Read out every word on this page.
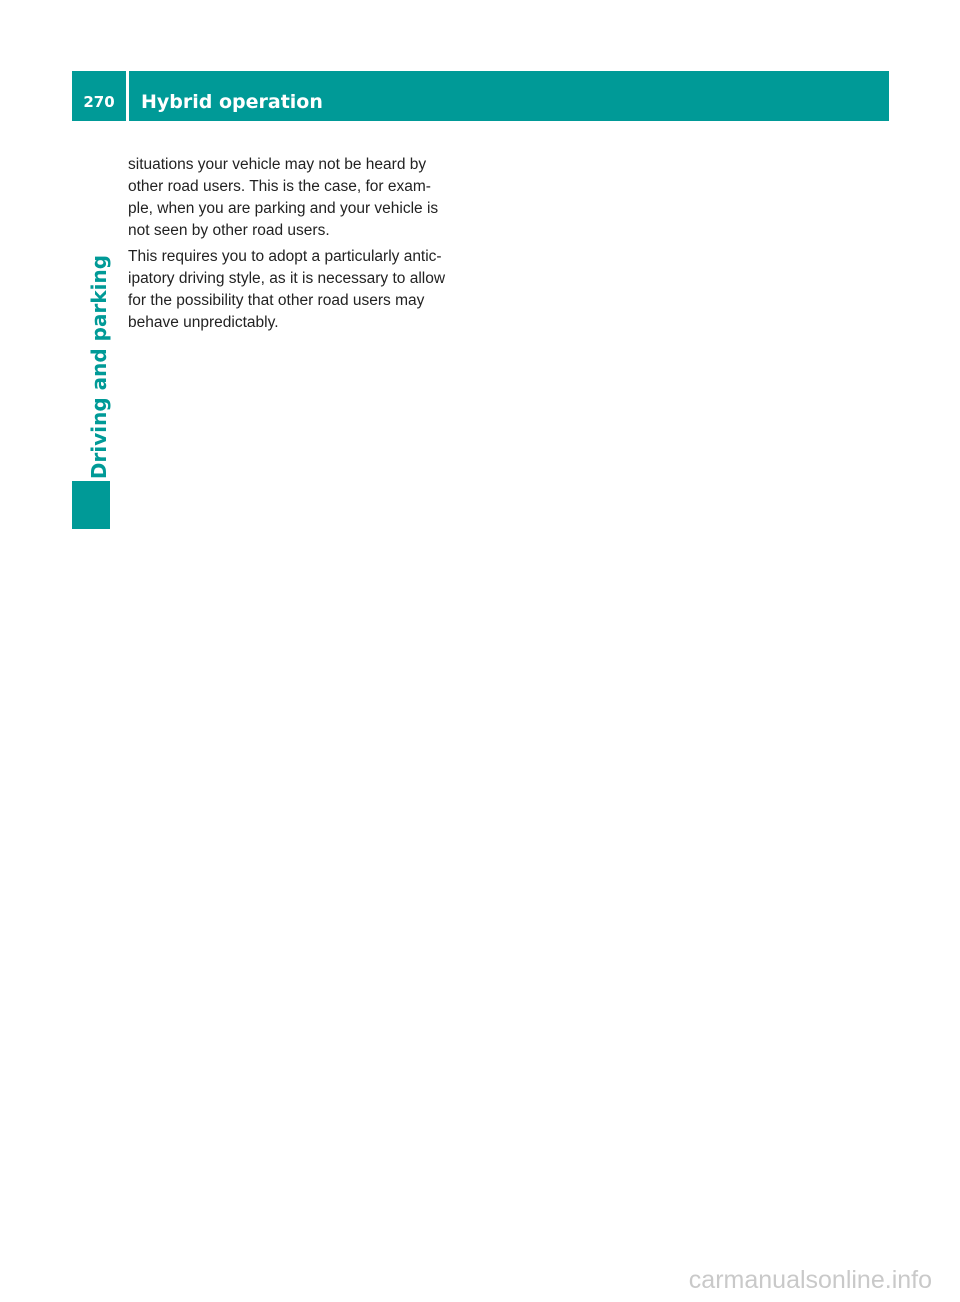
270	Hybrid operation
Driving and parking

situations your vehicle may not be heard by
other road users. This is the case, for exam-
ple, when you are parking and your vehicle is
not seen by other road users.

This requires you to adopt a particularly antic-
ipatory driving style, as it is necessary to allow
for the possibility that other road users may
behave unpredictably.

carmanualsonline.info
